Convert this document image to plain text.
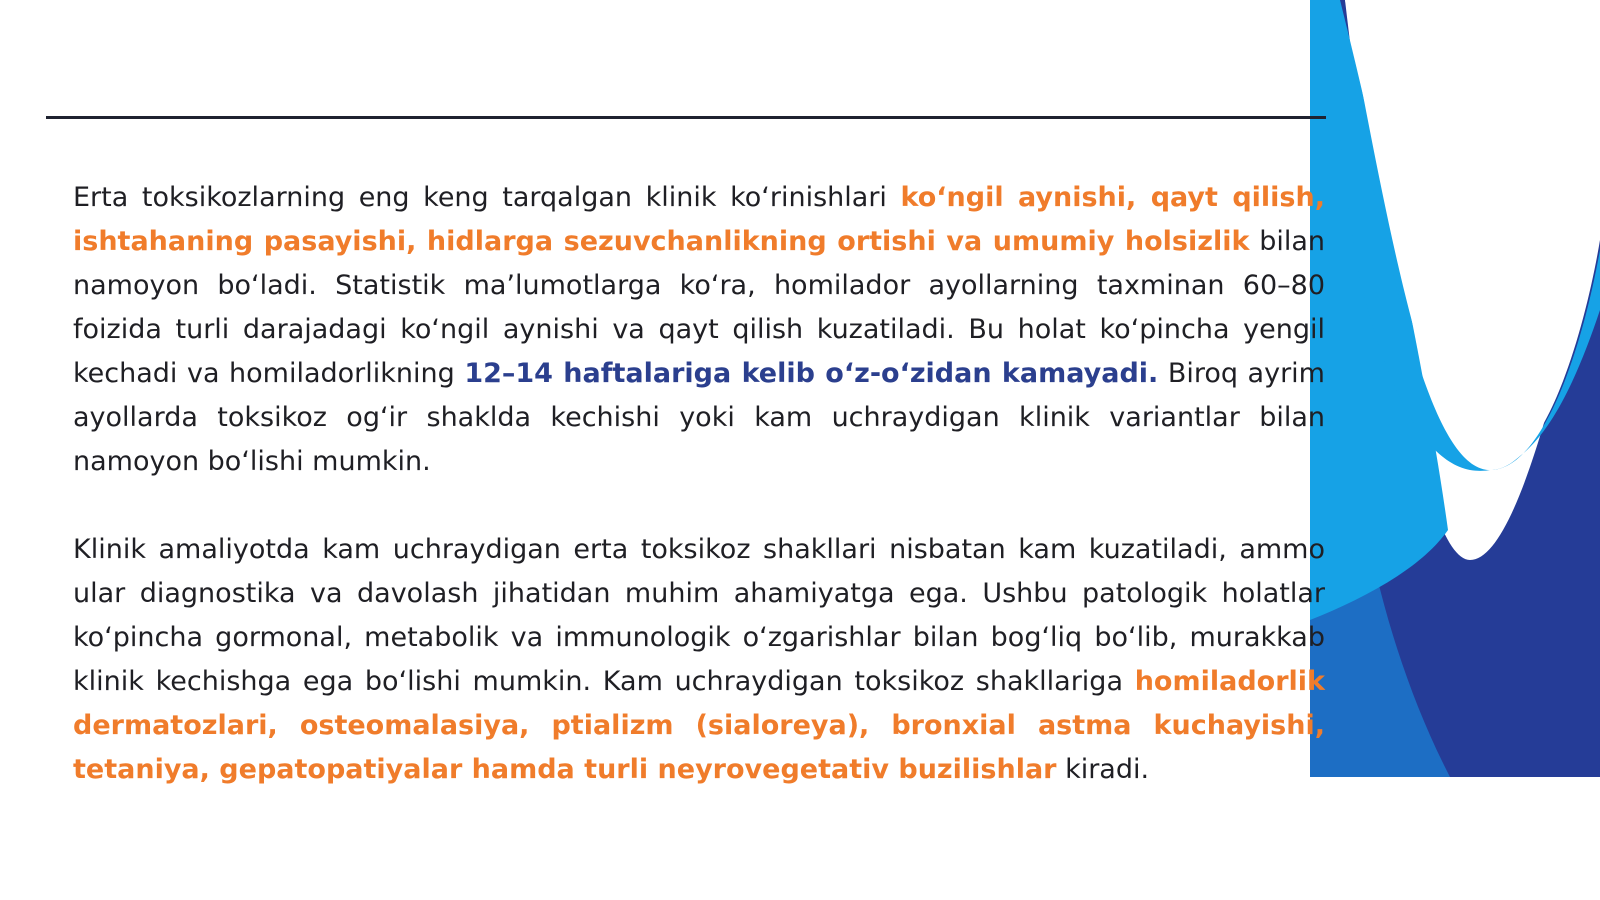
Erta toksikozlarning eng keng tarqalgan klinik ko‘rinishlari ko‘ngil aynishi, qayt qilish, ishtahaning pasayishi, hidlarga sezuvchanlikning ortishi va umumiy holsizlik bilan namoyon bo‘ladi. Statistik ma’lumotlarga ko‘ra, homilador ayollarning taxminan 60–80 foizida turli darajadagi ko‘ngil aynishi va qayt qilish kuzatiladi. Bu holat ko‘pincha yengil kechadi va homiladorlikning 12–14 haftalariga kelib o‘z-o‘zidan kamayadi. Biroq ayrim ayollarda toksikoz og‘ir shaklda kechishi yoki kam uchraydigan klinik variantlar bilan namoyon bo‘lishi mumkin.

Klinik amaliyotda kam uchraydigan erta toksikoz shakllari nisbatan kam kuzatiladi, ammo ular diagnostika va davolash jihatidan muhim ahamiyatga ega. Ushbu patologik holatlar ko‘pincha gormonal, metabolik va immunologik o‘zgarishlar bilan bog‘liq bo‘lib, murakkab klinik kechishga ega bo‘lishi mumkin. Kam uchraydigan toksikoz shakllariga homiladorlik dermatozlari, osteomalasiya, ptializm (sialoreya), bronxial astma kuchayishi, tetaniya, gepatopatiyalar hamda turli neyrovegetativ buzilishlar kiradi.
